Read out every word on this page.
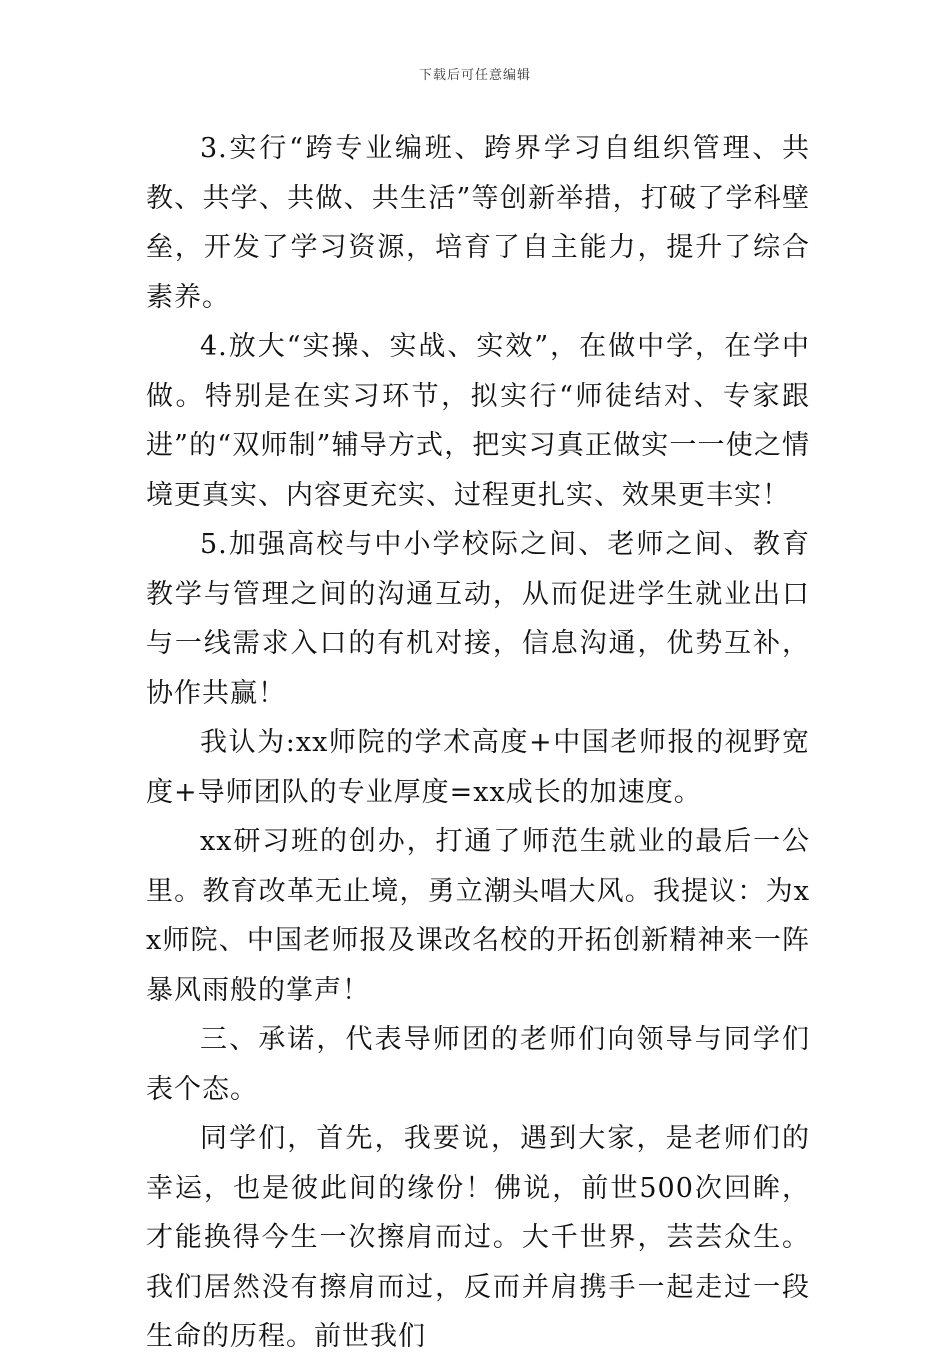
下载后可任意编辑

3.实行“跨专业编班、跨界学习自组织管理、共教、共学、共做、共生活”等创新举措，打破了学科壁垒，开发了学习资源，培育了自主能力，提升了综合素养。

4.放大“实操、实战、实效”，在做中学，在学中做。特别是在实习环节，拟实行“师徒结对、专家跟进”的“双师制”辅导方式，把实习真正做实一一使之情境更真实、内容更充实、过程更扎实、效果更丰实！

5.加强高校与中小学校际之间、老师之间、教育教学与管理之间的沟通互动，从而促进学生就业出口与一线需求入口的有机对接，信息沟通，优势互补，协作共赢！

我认为:xx师院的学术高度+中国老师报的视野宽度+导师团队的专业厚度=xx成长的加速度。

xx研习班的创办，打通了师范生就业的最后一公里。教育改革无止境，勇立潮头唱大风。我提议：为xx师院、中国老师报及课改名校的开拓创新精神来一阵暴风雨般的掌声！

三、承诺，代表导师团的老师们向领导与同学们表个态。

同学们，首先，我要说，遇到大家，是老师们的幸运，也是彼此间的缘份！佛说，前世500次回眸，才能换得今生一次擦肩而过。大千世界，芸芸众生。我们居然没有擦肩而过，反而并肩携手一起走过一段生命的历程。前世我们
